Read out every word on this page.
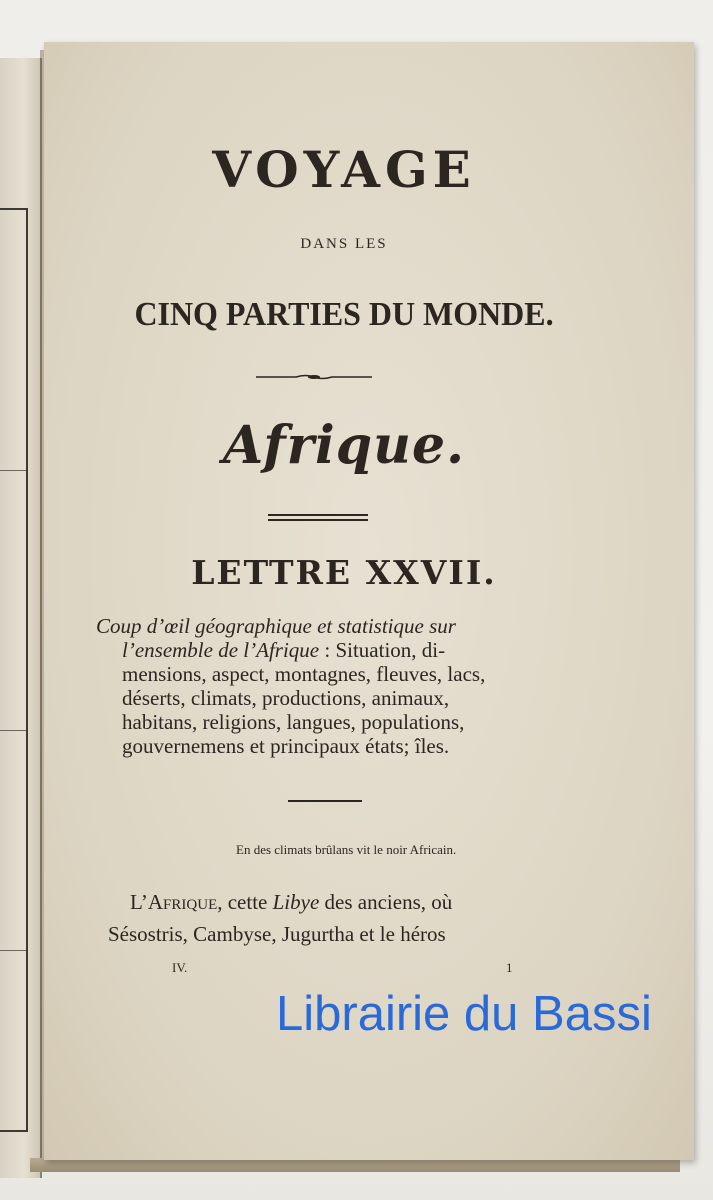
VOYAGE
DANS LES
CINQ PARTIES DU MONDE.
Afrique.
LETTRE XXVII.
Coup d’œil géographique et statistique sur
l’ensemble de l’Afrique : Situation, di-
mensions, aspect, montagnes, fleuves, lacs,
déserts, climats, productions, animaux,
habitans, religions, langues, populations,
gouvernemens et principaux états; îles.
En des climats brûlans vit le noir Africain.
L’Afrique, cette Libye des anciens, où
Sésostris, Cambyse, Jugurtha et le héros
IV.	1
Librairie du Bassi
